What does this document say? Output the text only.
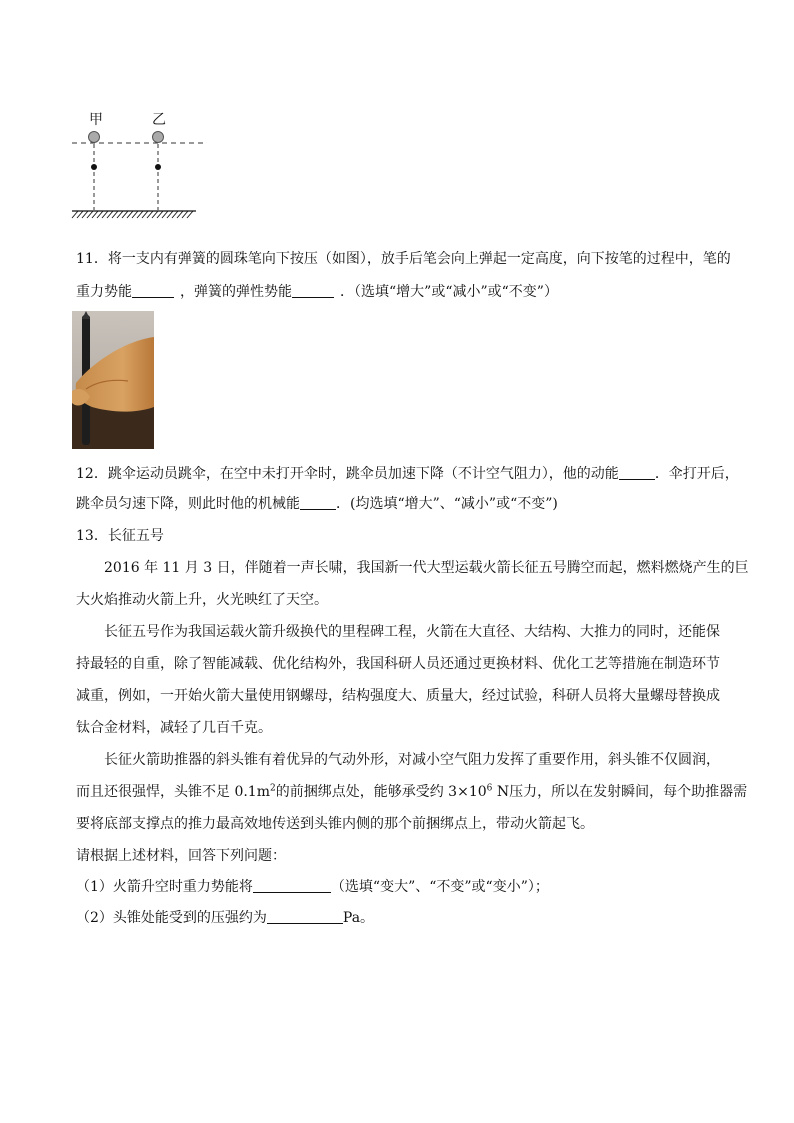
甲	乙
11．将一支内有弹簧的圆珠笔向下按压（如图），放手后笔会向上弹起一定高度，向下按笔的过程中，笔的
重力势能	，弹簧的弹性势能	．（选填“增大”或“减小”或“不变”）
12．跳伞运动员跳伞，在空中未打开伞时，跳伞员加速下降（不计空气阻力），他的动能	．伞打开后，
跳伞员匀速下降，则此时他的机械能	．(均选填“增大”、“减小”或“不变”)
13．长征五号
2016 年 11 月 3 日，伴随着一声长啸，我国新一代大型运载火箭长征五号腾空而起，燃料燃烧产生的巨
大火焰推动火箭上升，火光映红了天空。
长征五号作为我国运载火箭升级换代的里程碑工程，火箭在大直径、大结构、大推力的同时，还能保
持最轻的自重，除了智能减载、优化结构外，我国科研人员还通过更换材料、优化工艺等措施在制造环节
减重，例如，一开始火箭大量使用钢螺母，结构强度大、质量大，经过试验，科研人员将大量螺母替换成
钛合金材料，减轻了几百千克。
长征火箭助推器的斜头锥有着优异的气动外形，对减小空气阻力发挥了重要作用，斜头锥不仅圆润，
而且还很强悍，头锥不足 $0.1m^2$的前捆绑点处，能够承受约 $3\times 10^6$ N压力，所以在发射瞬间，每个助推器需
要将底部支撑点的推力最高效地传送到头锥内侧的那个前捆绑点上，带动火箭起飞。
请根据上述材料，回答下列问题：
（1）火箭升空时重力势能将	（选填“变大”、“不变”或“变小”）；
（2）头锥处能受到的压强约为	Pa。
